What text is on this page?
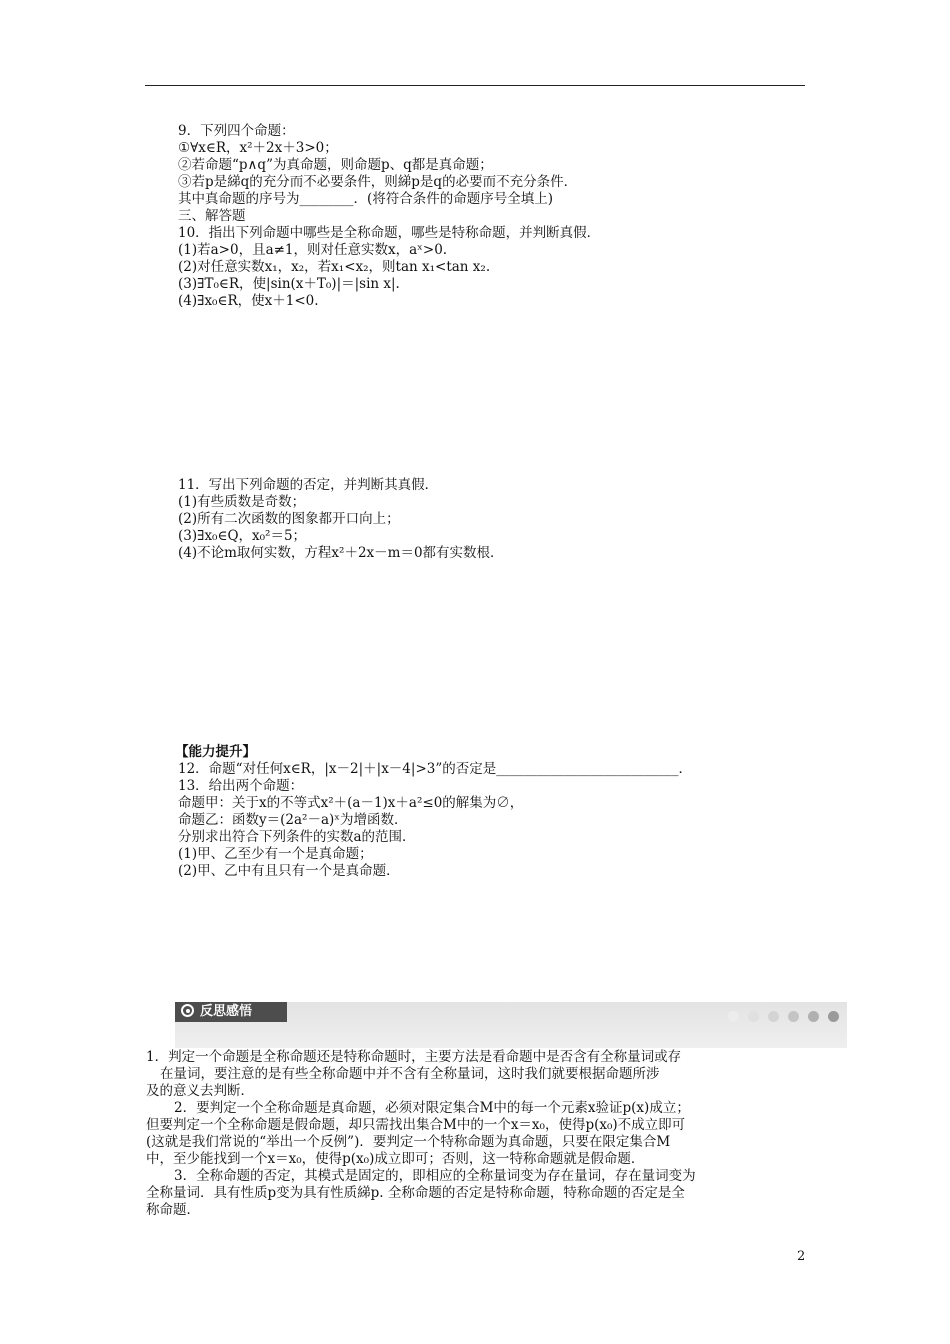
9．下列四个命题：
①∀x∈R，x²＋2x＋3>0；
②若命题“p∧q”为真命题，则命题p、q都是真命题；
③若p是綈q的充分而不必要条件，则綈p是q的必要而不充分条件．
其中真命题的序号为________．(将符合条件的命题序号全填上)
三、解答题
10．指出下列命题中哪些是全称命题，哪些是特称命题，并判断真假．
(1)若a>0，且a≠1，则对任意实数x，aˣ>0.
(2)对任意实数x₁，x₂，若x₁<x₂，则tan x₁<tan x₂.
(3)∃T₀∈R，使|sin(x＋T₀)|＝|sin x|.
(4)∃x₀∈R，使x＋1<0.
11．写出下列命题的否定，并判断其真假．
(1)有些质数是奇数；
(2)所有二次函数的图象都开口向上；
(3)∃x₀∈Q，x₀²＝5；
(4)不论m取何实数，方程x²＋2x－m＝0都有实数根．
【能力提升】
12．命题“对任何x∈R，|x－2|＋|x－4|>3”的否定是___________________________．
13．给出两个命题：
命题甲：关于x的不等式x²＋(a－1)x＋a²≤0的解集为∅，
命题乙：函数y＝(2a²－a)ˣ为增函数．
分别求出符合下列条件的实数a的范围．
(1)甲、乙至少有一个是真命题；
(2)甲、乙中有且只有一个是真命题．
反思感悟
1．判定一个命题是全称命题还是特称命题时，主要方法是看命题中是否含有全称量词或存
在量词，要注意的是有些全称命题中并不含有全称量词，这时我们就要根据命题所涉
及的意义去判断．
2．要判定一个全称命题是真命题，必须对限定集合M中的每一个元素x验证p(x)成立；
但要判定一个全称命题是假命题，却只需找出集合M中的一个x＝x₀，使得p(x₀)不成立即可
(这就是我们常说的“举出一个反例”)．要判定一个特称命题为真命题，只要在限定集合M
中，至少能找到一个x＝x₀，使得p(x₀)成立即可；否则，这一特称命题就是假命题．
3．全称命题的否定，其模式是固定的，即相应的全称量词变为存在量词，存在量词变为
全称量词．具有性质p变为具有性质綈p. 全称命题的否定是特称命题，特称命题的否定是全
称命题．
2
